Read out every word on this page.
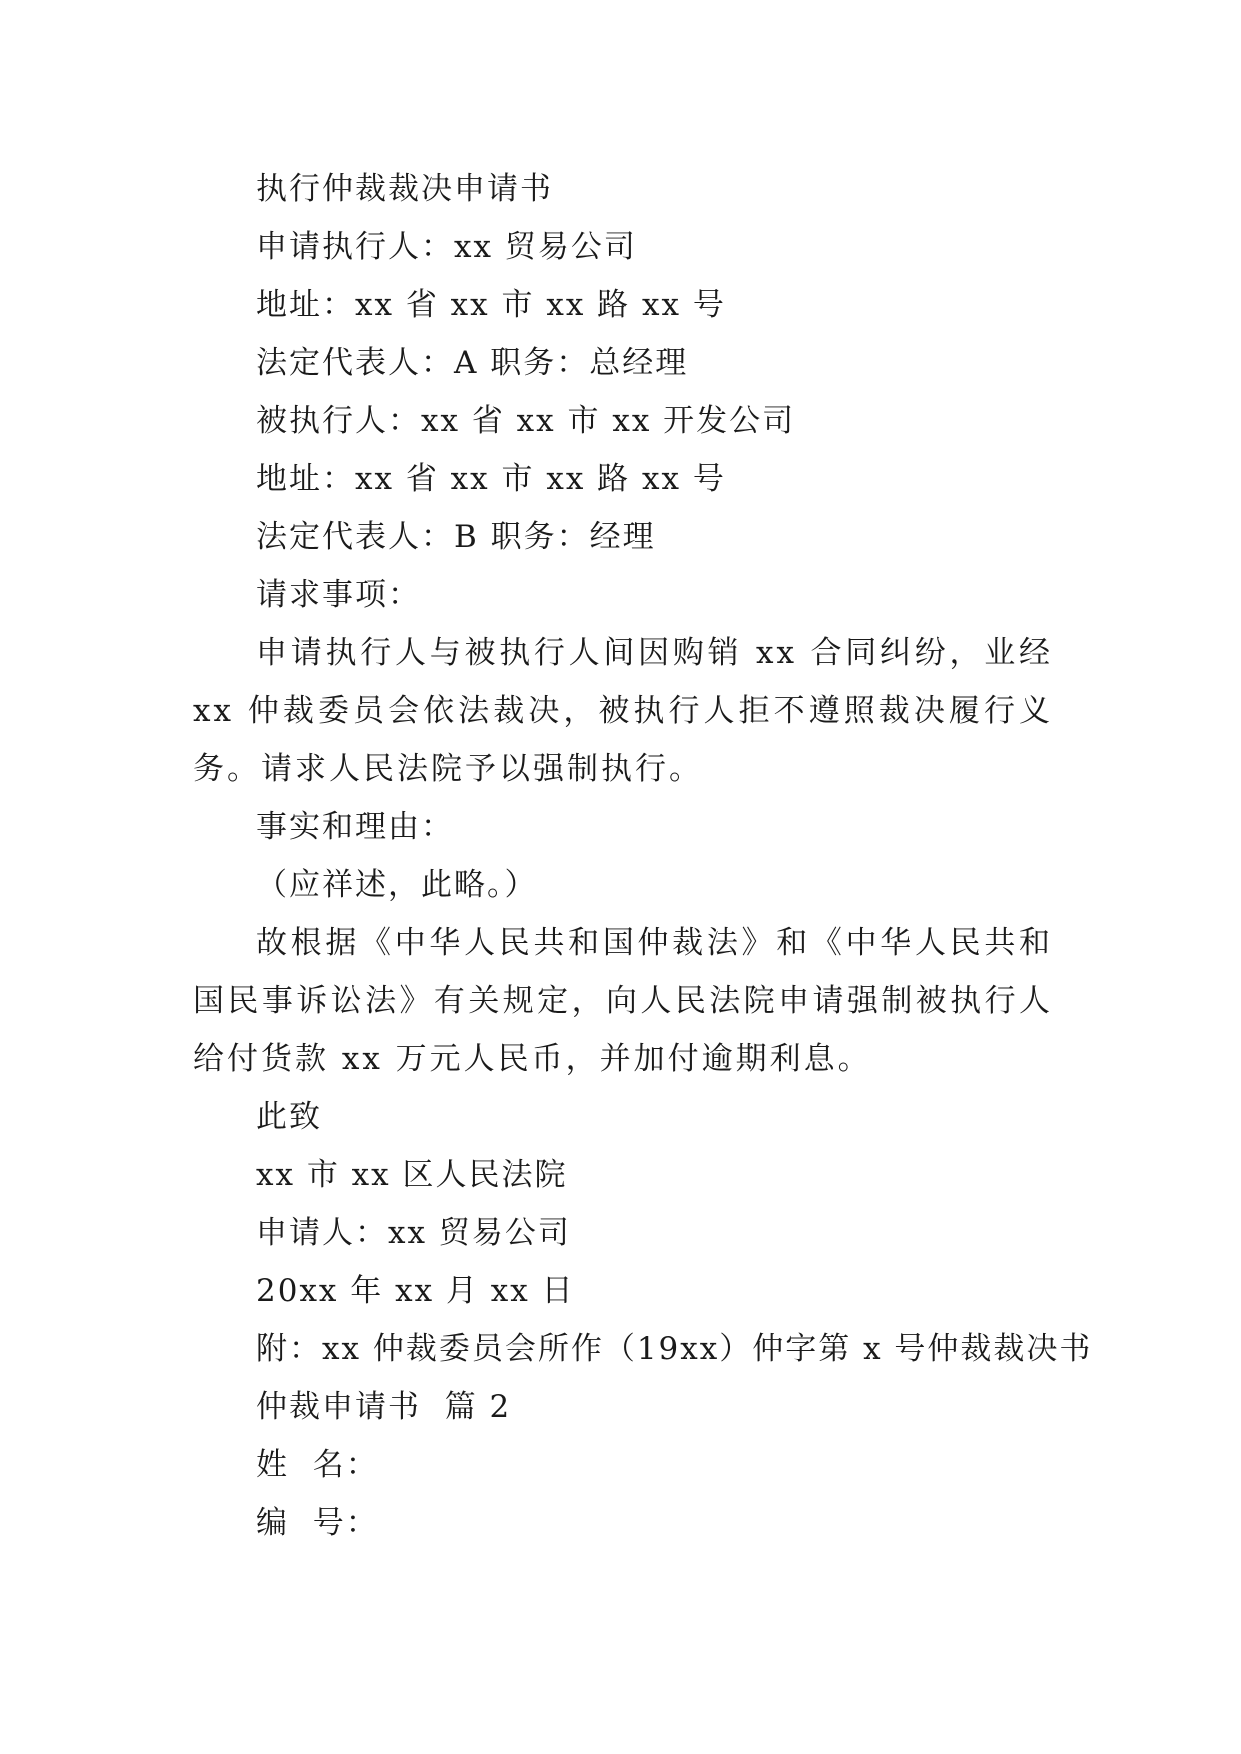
执行仲裁裁决申请书
申请执行人：xx 贸易公司
地址：xx 省 xx 市 xx 路 xx 号
法定代表人：A 职务：总经理
被执行人：xx 省 xx 市 xx 开发公司
地址：xx 省 xx 市 xx 路 xx 号
法定代表人：B 职务：经理
请求事项：
申请执行人与被执行人间因购销 xx 合同纠纷，业经 xx 仲裁委员会依法裁决，被执行人拒不遵照裁决履行义务。请求人民法院予以强制执行。
事实和理由：
（应祥述，此略。）
故根据《中华人民共和国仲裁法》和《中华人民共和国民事诉讼法》有关规定，向人民法院申请强制被执行人给付货款 xx 万元人民币，并加付逾期利息。
此致
xx 市 xx 区人民法院
申请人：xx 贸易公司
20xx 年 xx 月 xx 日
附：xx 仲裁委员会所作（19xx）仲字第 x 号仲裁裁决书
仲裁申请书  篇 2
姓  名：
编  号：
